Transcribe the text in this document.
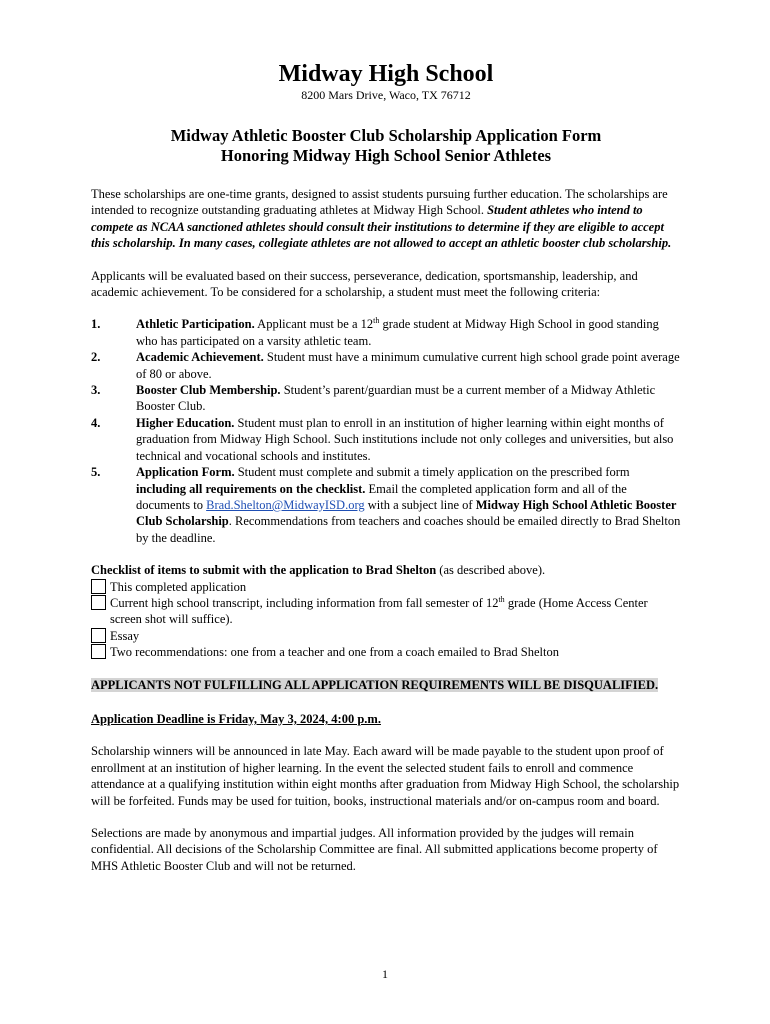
Midway High School

8200 Mars Drive, Waco, TX 76712

Midway Athletic Booster Club Scholarship Application Form

Honoring Midway High School Senior Athletes

These scholarships are one-time grants, designed to assist students pursuing further education. The scholarships are intended to recognize outstanding graduating athletes at Midway High School. Student athletes who intend to compete as NCAA sanctioned athletes should consult their institutions to determine if they are eligible to accept this scholarship. In many cases, collegiate athletes are not allowed to accept an athletic booster club scholarship.

Applicants will be evaluated based on their success, perseverance, dedication, sportsmanship, leadership, and academic achievement. To be considered for a scholarship, a student must meet the following criteria:

1.	Athletic Participation. Applicant must be a 12th grade student at Midway High School in good standing who has participated on a varsity athletic team.
2.	Academic Achievement. Student must have a minimum cumulative current high school grade point average of 80 or above.
3.	Booster Club Membership. Student’s parent/guardian must be a current member of a Midway Athletic Booster Club.
4.	Higher Education. Student must plan to enroll in an institution of higher learning within eight months of graduation from Midway High School. Such institutions include not only colleges and universities, but also technical and vocational schools and institutes.
5.	Application Form. Student must complete and submit a timely application on the prescribed form including all requirements on the checklist. Email the completed application form and all of the documents to Brad.Shelton@MidwayISD.org with a subject line of Midway High School Athletic Booster Club Scholarship. Recommendations from teachers and coaches should be emailed directly to Brad Shelton by the deadline.

Checklist of items to submit with the application to Brad Shelton (as described above).

This completed application
Current high school transcript, including information from fall semester of 12th grade (Home Access Center screen shot will suffice).
Essay
Two recommendations: one from a teacher and one from a coach emailed to Brad Shelton

APPLICANTS NOT FULFILLING ALL APPLICATION REQUIREMENTS WILL BE DISQUALIFIED.

Application Deadline is Friday, May 3, 2024, 4:00 p.m.

Scholarship winners will be announced in late May. Each award will be made payable to the student upon proof of enrollment at an institution of higher learning. In the event the selected student fails to enroll and commence attendance at a qualifying institution within eight months after graduation from Midway High School, the scholarship will be forfeited. Funds may be used for tuition, books, instructional materials and/or on-campus room and board.

Selections are made by anonymous and impartial judges. All information provided by the judges will remain confidential. All decisions of the Scholarship Committee are final. All submitted applications become property of MHS Athletic Booster Club and will not be returned.

1
